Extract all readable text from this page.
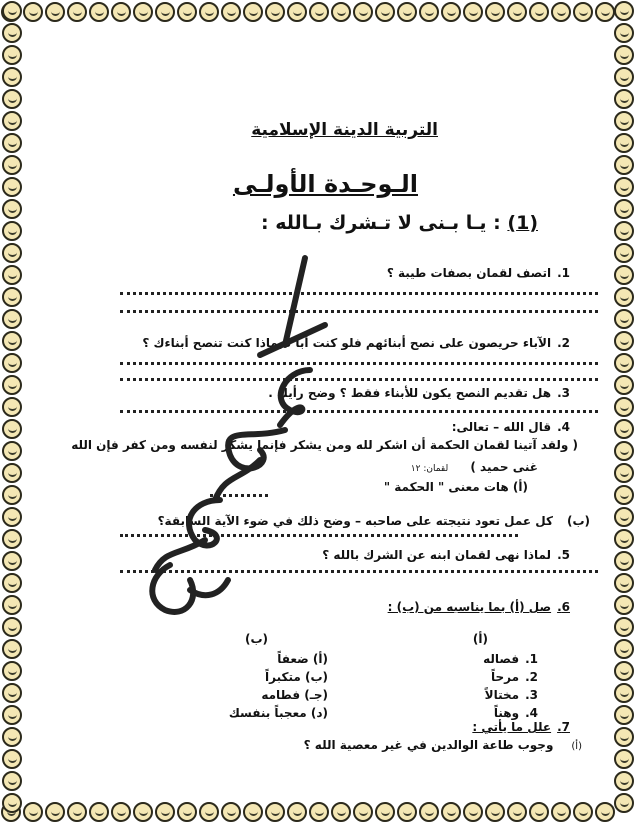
التربية الدينة الإسلامية
الـوحـدة الأولـى
(1) : يـا بـنى لا تـشرك بـالله :
1.اتصف لقمان بصفات طيبة ؟
2.الآباء حريصون على نصح أبنائهم فلو كنت أباً فبماذا كنت تنصح أبناءك ؟
3.هل تقديم النصح يكون للأبناء فقط ؟ وضح رأيك .
4.قال الله – تعالى:
( ولقد آتينا لقمان الحكمة أن اشكر لله ومن يشكر فإنما يشكر لنفسه ومن كفر فإن الله
غنى حميد ) لقمان: ١٢
(أ) هات معنى " الحكمة "
(ب)كل عمل تعود نتيجته على صاحبه – وضح ذلك في ضوء الآية السابقة؟
5.لماذا نهى لقمان ابنه عن الشرك بالله ؟
6.صل (أ) بما يناسبه من (ب) :
(أ)
(ب)
1.فصاله
2.مرحاً
3.مختالاً
4.وهناً
(أ) ضعفاً
(ب) متكبراً
(جـ) فطامه
(د) معجباً بنفسك
7.علل ما يأتي :
(أ)وجوب طاعة الوالدين في غير معصية الله ؟
